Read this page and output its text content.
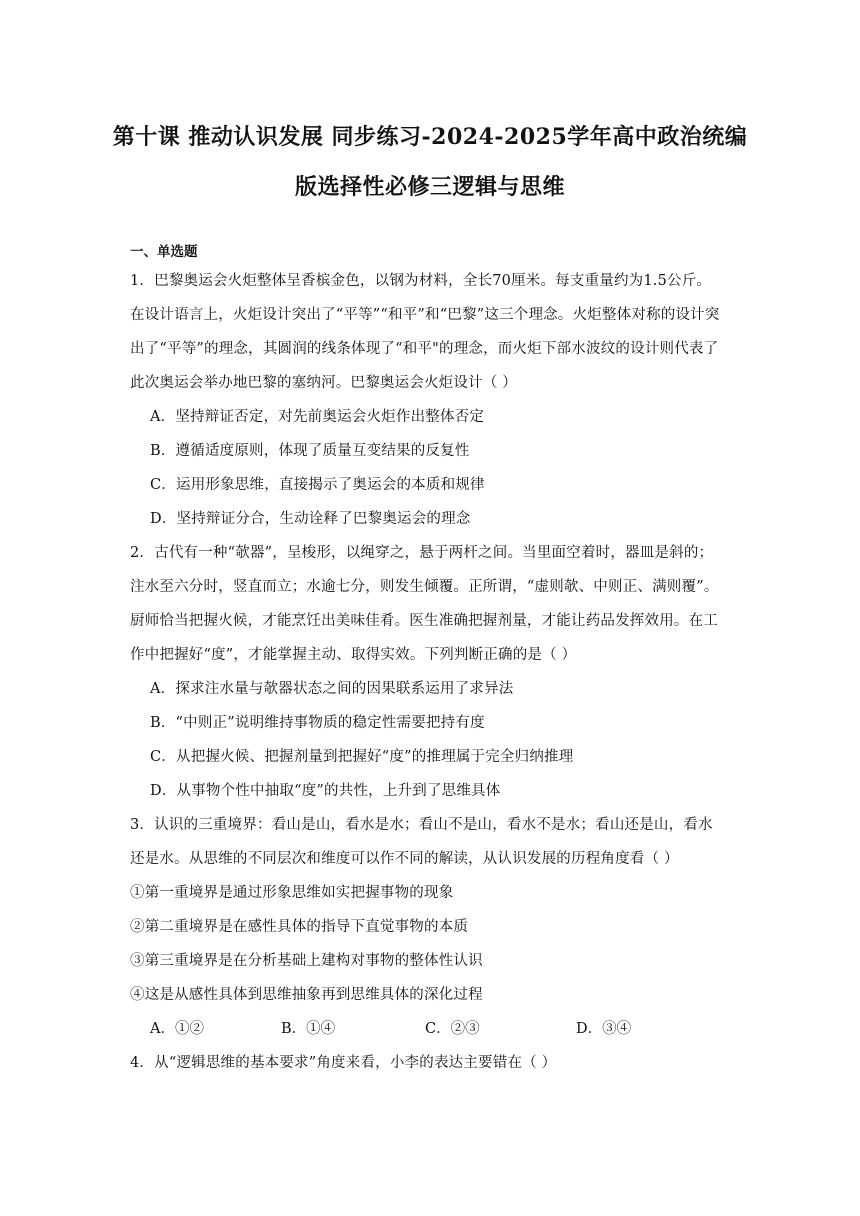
第十课 推动认识发展 同步练习-2024-2025学年高中政治统编
版选择性必修三逻辑与思维
一、单选题

1．巴黎奥运会火炬整体呈香槟金色，以钢为材料，全长70厘米。每支重量约为1.5公斤。

在设计语言上，火炬设计突出了“平等”“和平”和“巴黎”这三个理念。火炬整体对称的设计突

出了“平等”的理念，其圆润的线条体现了“和平"的理念，而火炬下部水波纹的设计则代表了

此次奥运会举办地巴黎的塞纳河。巴黎奥运会火炬设计（ ）

A．坚持辩证否定，对先前奥运会火炬作出整体否定

B．遵循适度原则，体现了质量互变结果的反复性

C．运用形象思维，直接揭示了奥运会的本质和规律

D．坚持辩证分合，生动诠释了巴黎奥运会的理念

2．古代有一种“欹器”，呈梭形，以绳穿之，悬于两杆之间。当里面空着时，器皿是斜的；

注水至六分时，竖直而立；水逾七分，则发生倾覆。正所谓，“虚则欹、中则正、满则覆”。

厨师恰当把握火候，才能烹饪出美味佳肴。医生准确把握剂量，才能让药品发挥效用。在工

作中把握好“度”，才能掌握主动、取得实效。下列判断正确的是（ ）

A．探求注水量与欹器状态之间的因果联系运用了求异法

B．“中则正”说明维持事物质的稳定性需要把持有度

C．从把握火候、把握剂量到把握好“度”的推理属于完全归纳推理

D．从事物个性中抽取“度”的共性，上升到了思维具体

3．认识的三重境界：看山是山，看水是水；看山不是山，看水不是水；看山还是山，看水

还是水。从思维的不同层次和维度可以作不同的解读，从认识发展的历程角度看（ ）

①第一重境界是通过形象思维如实把握事物的现象

②第二重境界是在感性具体的指导下直觉事物的本质

③第三重境界是在分析基础上建构对事物的整体性认识

④这是从感性具体到思维抽象再到思维具体的深化过程

A．①②	B．①④	C．②③	D．③④

4．从“逻辑思维的基本要求”角度来看，小李的表达主要错在（ ）
